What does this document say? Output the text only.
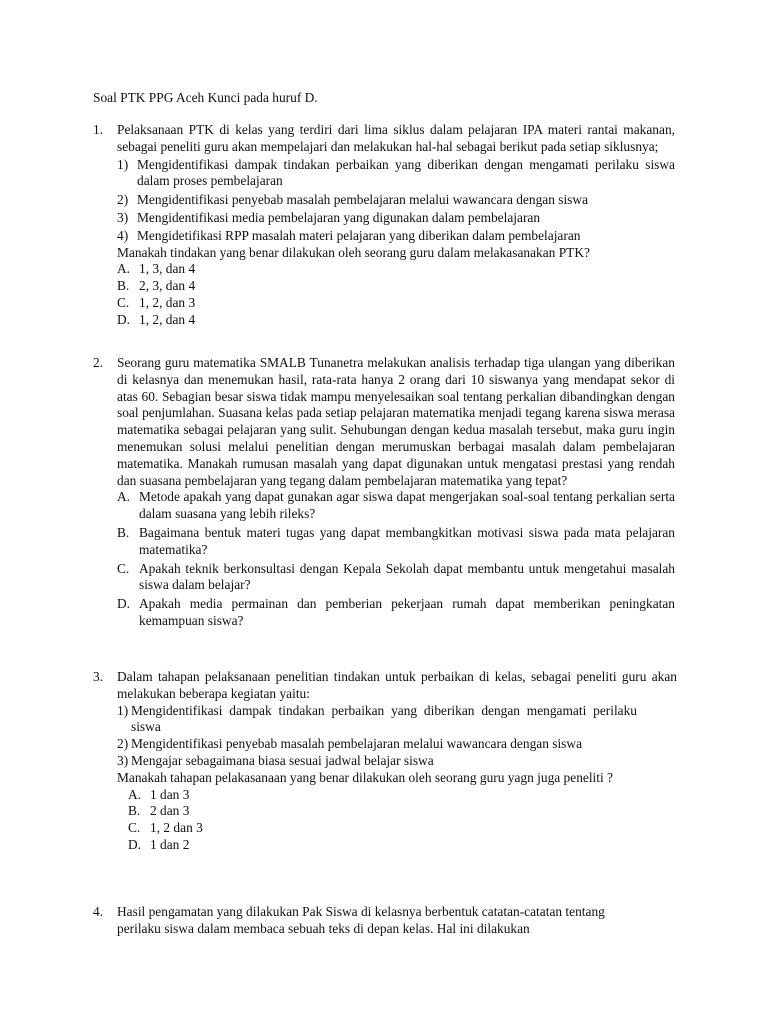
Soal PTK PPG Aceh Kunci pada huruf D.
1. Pelaksanaan PTK di kelas yang terdiri dari lima siklus dalam pelajaran IPA materi rantai makanan, sebagai peneliti guru akan mempelajari dan melakukan hal-hal sebagai berikut pada setiap siklusnya;
1) Mengidentifikasi dampak tindakan perbaikan yang diberikan dengan mengamati perilaku siswa dalam proses pembelajaran
2) Mengidentifikasi penyebab masalah pembelajaran melalui wawancara dengan siswa
3) Mengidentifikasi media pembelajaran yang digunakan dalam pembelajaran
4) Mengidetifikasi RPP masalah materi pelajaran yang diberikan dalam pembelajaran
Manakah tindakan yang benar dilakukan oleh seorang guru dalam melakasanakan PTK?
A. 1, 3, dan 4
B. 2, 3, dan 4
C. 1, 2, dan 3
D. 1, 2, dan 4
2. Seorang guru matematika SMALB Tunanetra melakukan analisis terhadap tiga ulangan yang diberikan di kelasnya dan menemukan hasil, rata-rata hanya 2 orang dari 10 siswanya yang mendapat sekor di atas 60. Sebagian besar siswa tidak mampu menyelesaikan soal tentang perkalian dibandingkan dengan soal penjumlahan. Suasana kelas pada setiap pelajaran matematika menjadi tegang karena siswa merasa matematika sebagai pelajaran yang sulit. Sehubungan dengan kedua masalah tersebut, maka guru ingin menemukan solusi melalui penelitian dengan merumuskan berbagai masalah dalam pembelajaran matematika. Manakah rumusan masalah yang dapat digunakan untuk mengatasi prestasi yang rendah dan suasana pembelajaran yang tegang dalam pembelajaran matematika yang tepat?
A. Metode apakah yang dapat gunakan agar siswa dapat mengerjakan soal-soal tentang perkalian serta dalam suasana yang lebih rileks?
B. Bagaimana bentuk materi tugas yang dapat membangkitkan motivasi siswa pada mata pelajaran matematika?
C. Apakah teknik berkonsultasi dengan Kepala Sekolah dapat membantu untuk mengetahui masalah siswa dalam belajar?
D. Apakah media permainan dan pemberian pekerjaan rumah dapat memberikan peningkatan kemampuan siswa?
3. Dalam tahapan pelaksanaan penelitian tindakan untuk perbaikan di kelas, sebagai peneliti guru akan melakukan beberapa kegiatan yaitu:
1) Mengidentifikasi dampak tindakan perbaikan yang diberikan dengan mengamati perilaku siswa
2) Mengidentifikasi penyebab masalah pembelajaran melalui wawancara dengan siswa
3) Mengajar sebagaimana biasa sesuai jadwal belajar siswa
Manakah tahapan pelakasanaan yang benar dilakukan oleh seorang guru yagn juga peneliti ?
A. 1 dan 3
B. 2 dan 3
C. 1, 2 dan 3
D. 1 dan 2
4. Hasil pengamatan yang dilakukan Pak Siswa di kelasnya berbentuk catatan-catatan tentang perilaku siswa dalam membaca sebuah teks di depan kelas. Hal ini dilakukan
